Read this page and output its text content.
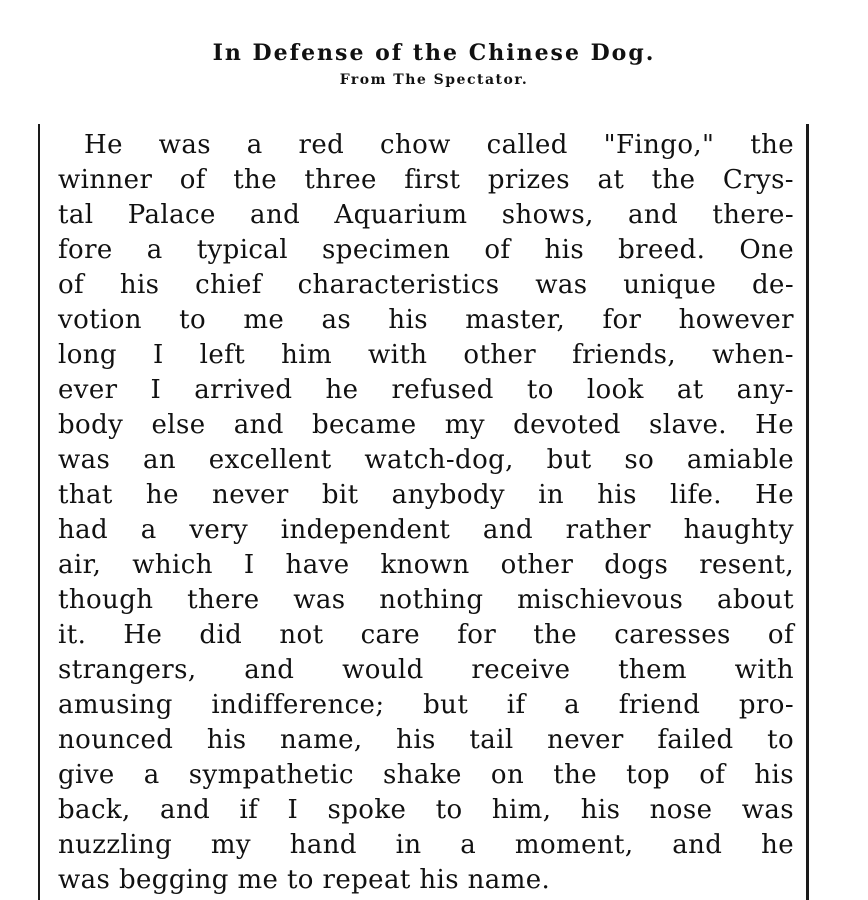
In Defense of the Chinese Dog.
From The Spectator.
He was a red chow called "Fingo," the
winner of the three first prizes at the Crys-
tal Palace and Aquarium shows, and there-
fore a typical specimen of his breed. One
of his chief characteristics was unique de-
votion to me as his master, for however
long I left him with other friends, when-
ever I arrived he refused to look at any-
body else and became my devoted slave. He
was an excellent watch-dog, but so amiable
that he never bit anybody in his life. He
had a very independent and rather haughty
air, which I have known other dogs resent,
though there was nothing mischievous about
it. He did not care for the caresses of
strangers, and would receive them with
amusing indifference; but if a friend pro-
nounced his name, his tail never failed to
give a sympathetic shake on the top of his
back, and if I spoke to him, his nose was
nuzzling my hand in a moment, and he
was begging me to repeat his name.
